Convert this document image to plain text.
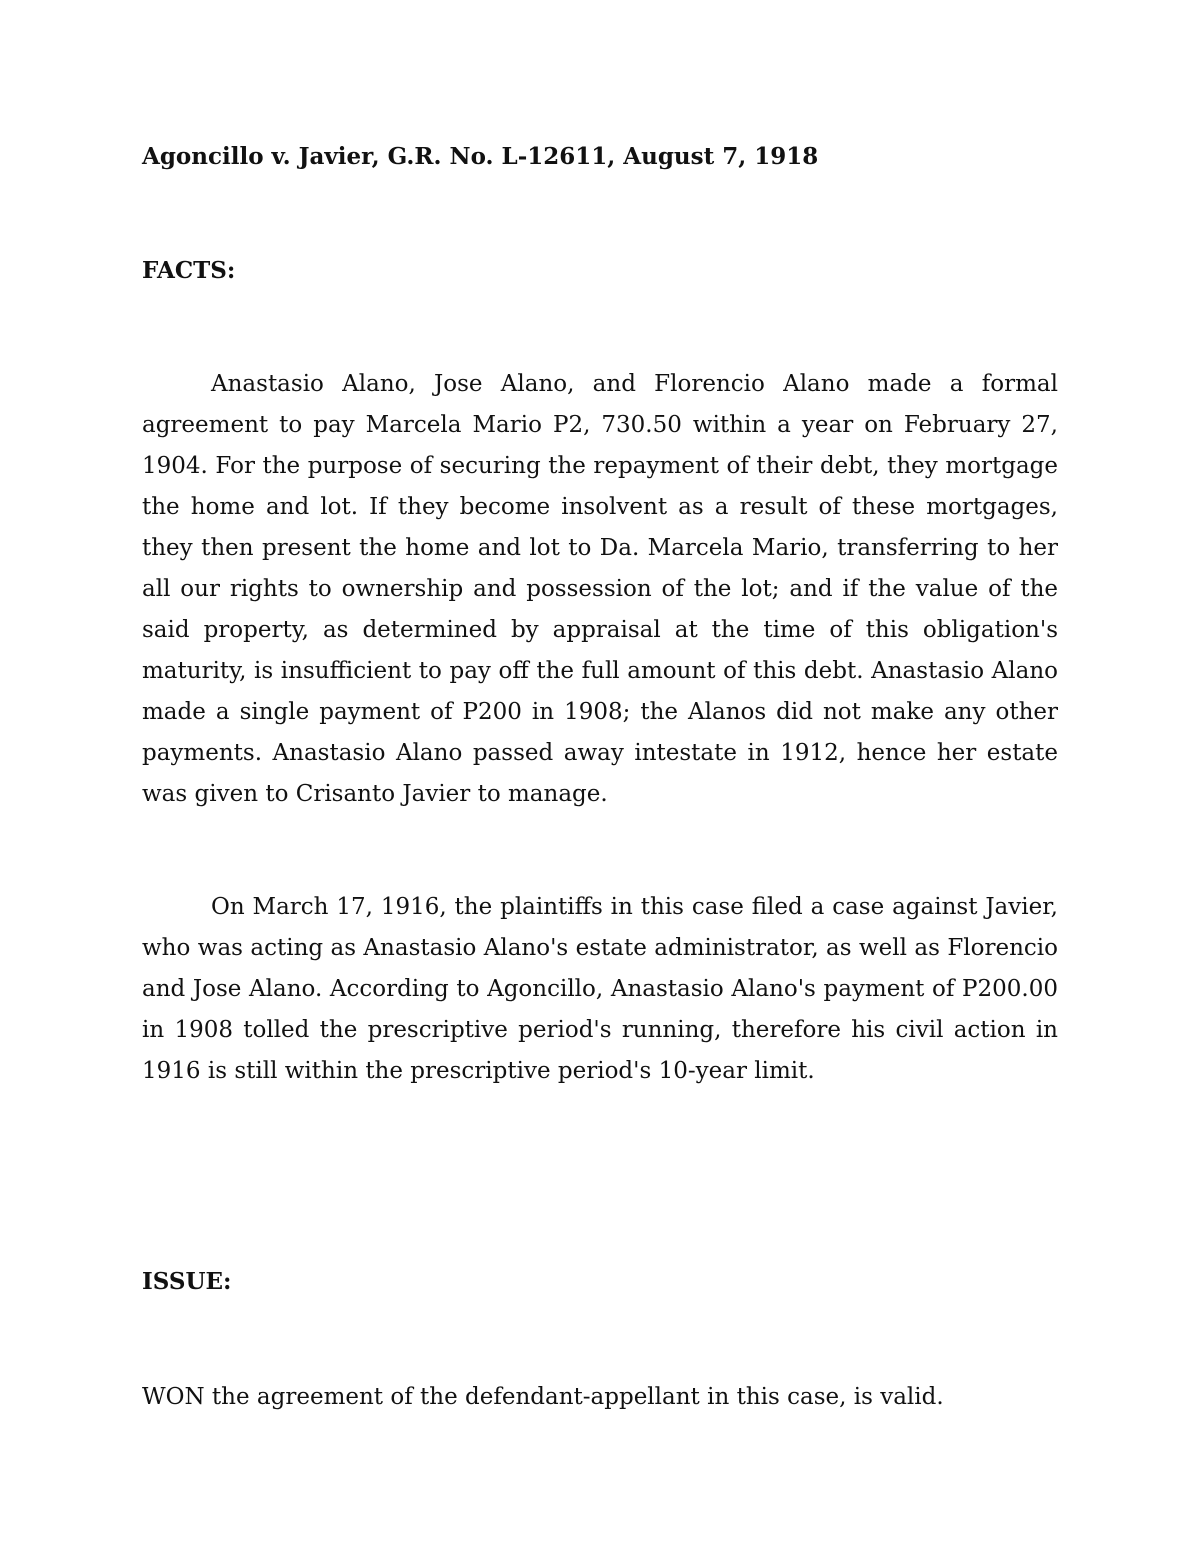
Agoncillo v. Javier, G.R. No. L-12611, August 7, 1918
FACTS:

Anastasio Alano, Jose Alano, and Florencio Alano made a formal agreement to pay Marcela Mario P2, 730.50 within a year on February 27, 1904. For the purpose of securing the repayment of their debt, they mortgage the home and lot. If they become insolvent as a result of these mortgages, they then present the home and lot to Da. Marcela Mario, transferring to her all our rights to ownership and possession of the lot; and if the value of the said property, as determined by appraisal at the time of this obligation's maturity, is insufficient to pay off the full amount of this debt. Anastasio Alano made a single payment of P200 in 1908; the Alanos did not make any other payments. Anastasio Alano passed away intestate in 1912, hence her estate was given to Crisanto Javier to manage.

On March 17, 1916, the plaintiffs in this case filed a case against Javier, who was acting as Anastasio Alano's estate administrator, as well as Florencio and Jose Alano. According to Agoncillo, Anastasio Alano's payment of P200.00 in 1908 tolled the prescriptive period's running, therefore his civil action in 1916 is still within the prescriptive period's 10-year limit.

ISSUE:

WON the agreement of the defendant-appellant in this case, is valid.
